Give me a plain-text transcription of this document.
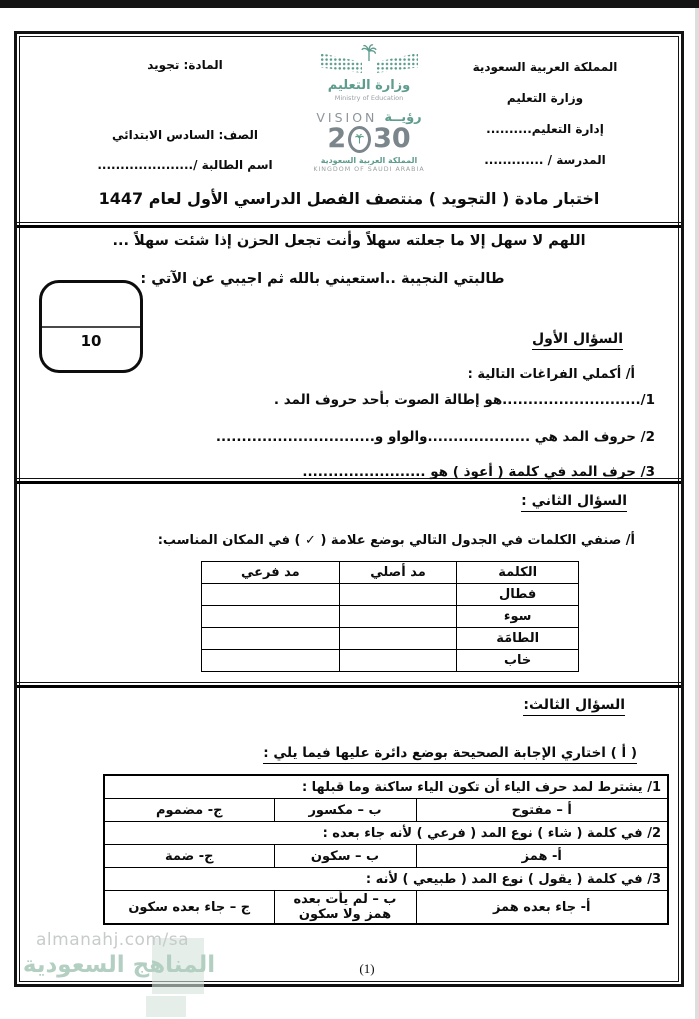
المملكة العربية السعودية
وزارة التعليم
إدارة التعليم..........
المدرسة / .............
المادة: تجويد
الصف: السادس الابتدائي
اسم الطالبة /.....................
وزارة التعليم
Ministry of Education
VISION رؤيــة
2 30
المملكة العربية السعودية
KINGDOM OF SAUDI ARABIA
اختبار مادة ( التجويد ) منتصف الفصل الدراسي الأول لعام 1447
اللهم لا سهل إلا ما جعلته سهلاً وأنت تجعل الحزن إذا شئت سهلاً ...
طالبتي النجيبة ..استعيني بالله ثم اجيبي عن الآتي :
10	السؤال الأول
أ/ أكملي الفراغات التالية :
1/...........................هو إطالة الصوت بأحد حروف المد .
2/ حروف المد هي ....................والواو و...............................
3/ حرف المد في كلمة ( أعوذ ) هو ........................
السؤال الثاني :
أ/ صنفي الكلمات في الجدول التالي بوضع علامة ( ✓ ) في المكان المناسب:
الكلمة	مد أصلي	مد فرعي
فطال		
سوء		
الطامَة		
خاب		
السؤال الثالث:
( أ ) اختاري الإجابة الصحيحة بوضع دائرة عليها فيما يلي :
1/ يشترط لمد حرف الياء أن تكون الياء ساكنة وما قبلها :		
أ – مفتوح	ب – مكسور	ج- مضموم
2/ في كلمة ( شاء ) نوع المد ( فرعي ) لأنه جاء بعده :		
أ- همز	ب – سكون	ج- ضمة
3/ في كلمة ( يقول ) نوع المد ( طبيعي ) لأنه :		
أ- جاء بعده همز	ب – لم يأت بعده همز ولا سكون	ج – جاء بعده سكون
(1)
almanahj.com/sa
المناهج السعودية
